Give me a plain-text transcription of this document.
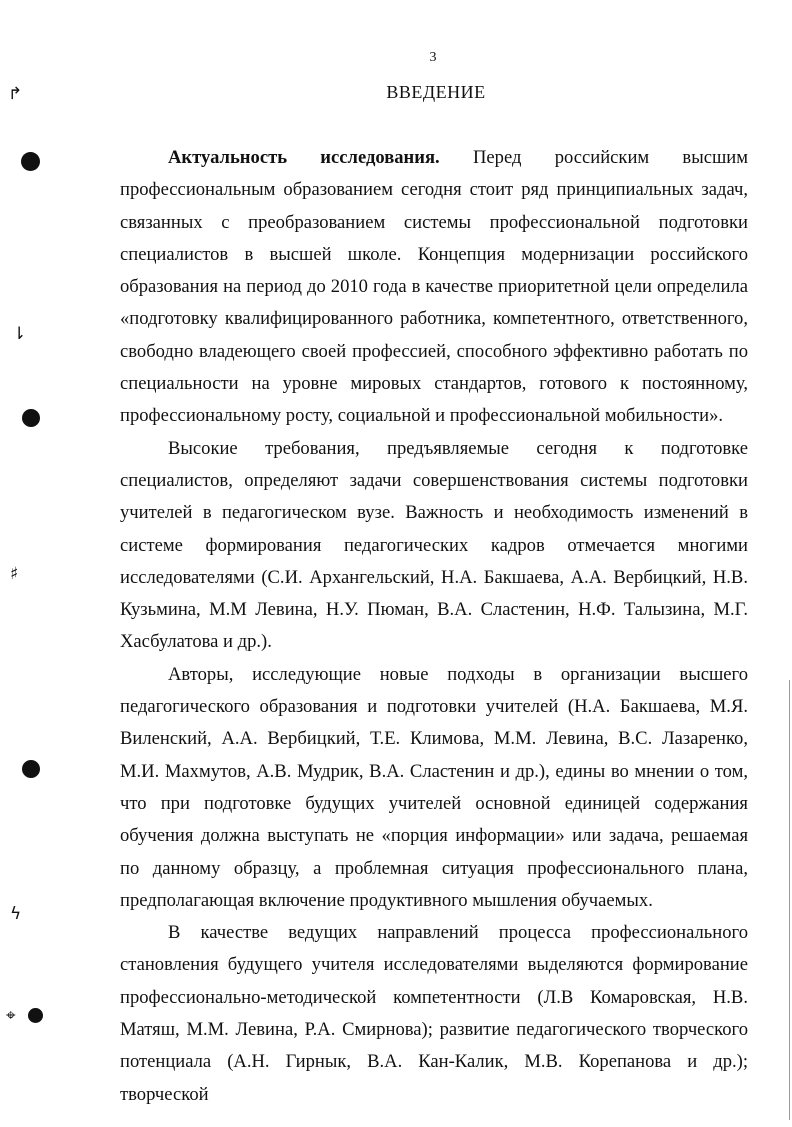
3
ВВЕДЕНИЕ

Актуальность исследования. Перед российским высшим профессиональным образованием сегодня стоит ряд принципиальных задач, связанных с преобразованием системы профессиональной подготовки специалистов в высшей школе. Концепция модернизации российского образования на период до 2010 года в качестве приоритетной цели определила «подготовку квалифицированного работника, компетентного, ответственного, свободно владеющего своей профессией, способного эффективно работать по специальности на уровне мировых стандартов, готового к постоянному, профессиональному росту, социальной и профессиональной мобильности».

Высокие требования, предъявляемые сегодня к подготовке специалистов, определяют задачи совершенствования системы подготовки учителей в педагогическом вузе. Важность и необходимость изменений в системе формирования педагогических кадров отмечается многими исследователями (С.И. Архангельский, Н.А. Бакшаева, А.А. Вербицкий, Н.В. Кузьмина, М.М Левина, Н.У. Пюман, В.А. Сластенин, Н.Ф. Талызина, М.Г. Хасбулатова и др.).

Авторы, исследующие новые подходы в организации высшего педагогического образования и подготовки учителей (Н.А. Бакшаева, М.Я. Виленский, А.А. Вербицкий, Т.Е. Климова, М.М. Левина, В.С. Лазаренко, М.И. Махмутов, А.В. Мудрик, В.А. Сластенин и др.), едины во мнении о том, что при подготовке будущих учителей основной единицей содержания обучения должна выступать не «порция информации» или задача, решаемая по данному образцу, а проблемная ситуация профессионального плана, предполагающая включение продуктивного мышления обучаемых.

В качестве ведущих направлений процесса профессионального становления будущего учителя исследователями выделяются формирование профессионально-методической компетентности (Л.В Комаровская, Н.В. Матяш, М.М. Левина, Р.А. Смирнова); развитие педагогического творческого потенциала (А.Н. Гирнык, В.А. Кан-Калик, М.В. Корепанова и др.); творческой

↱
⇂
♯
ϟ
⌖
